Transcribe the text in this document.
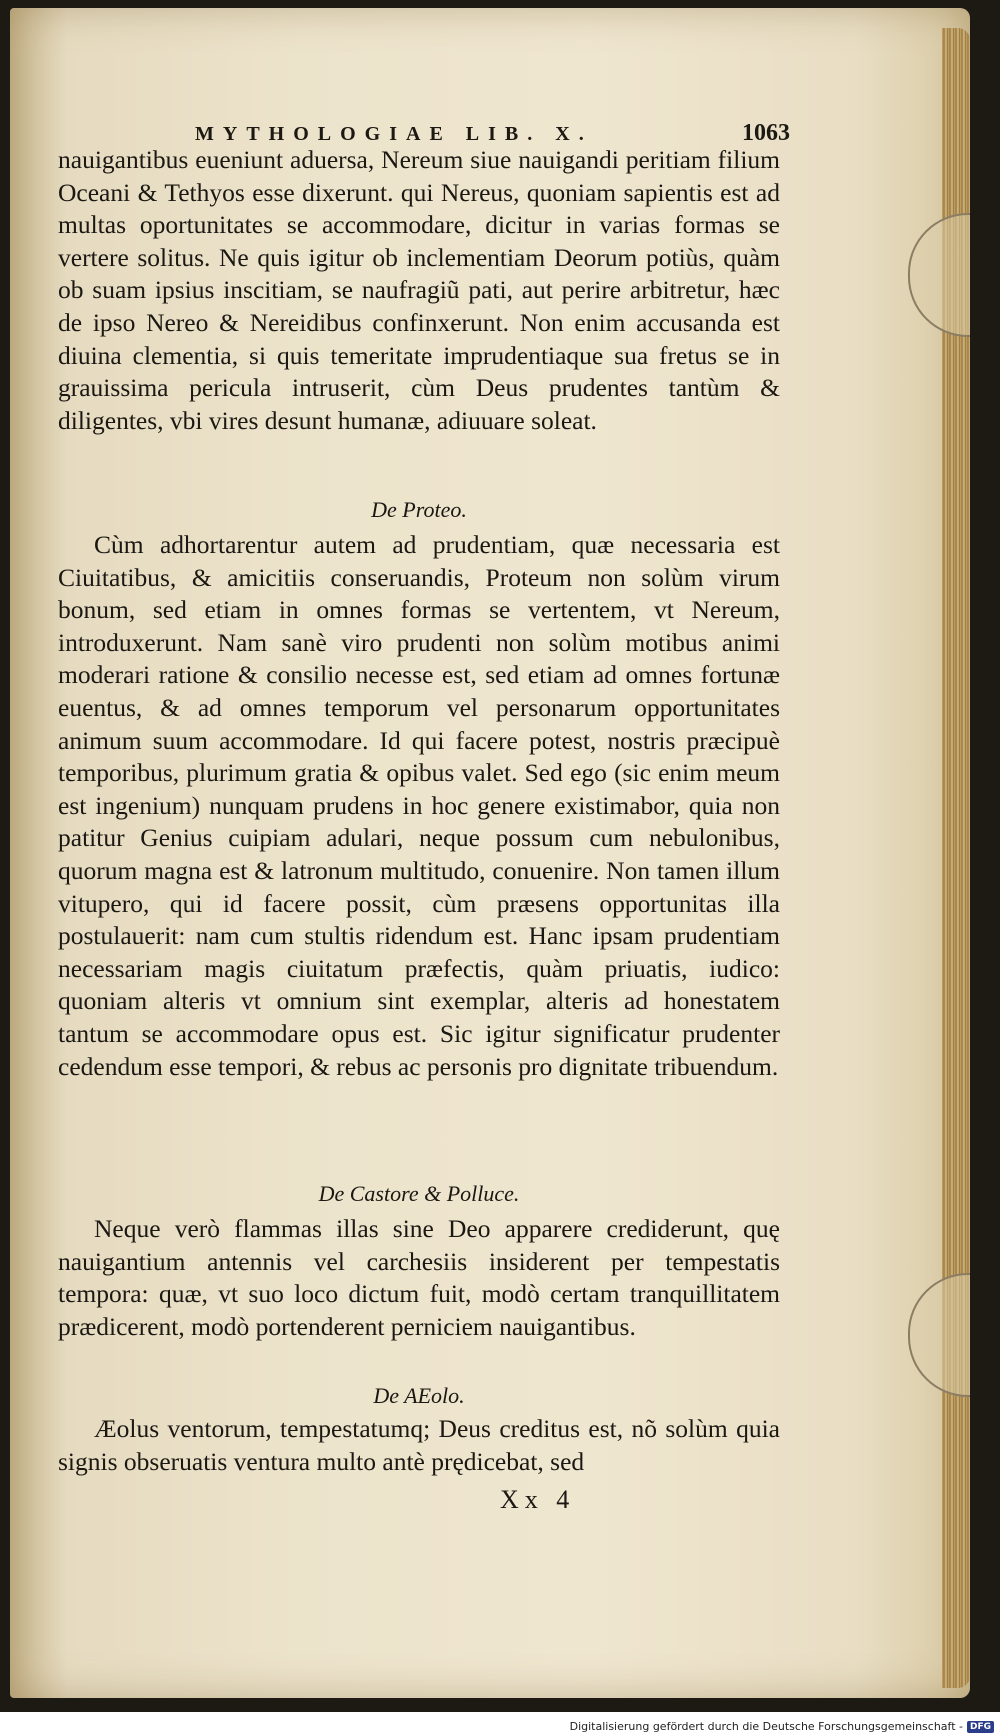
MYTHOLOGIAE LIB. X.	1063

nauigantibus eueniunt aduersa, Nereum siue nauigandi peritiam filium Oceani & Tethyos esse dixerunt. qui Nereus, quoniam sapientis est ad multas oportunitates se accommodare, dicitur in varias formas se vertere solitus. Ne quis igitur ob inclementiam Deorum potiùs, quàm ob suam ipsius inscitiam, se naufragiũ pati, aut perire arbitretur, hæc de ipso Nereo & Nereidibus confinxerunt. Non enim accusanda est diuina clementia, si quis temeritate imprudentiaque sua fretus se in grauissima pericula intruserit, cùm Deus prudentes tantùm & diligentes, vbi vires desunt humanæ, adiuuare soleat.

De Proteo.

Cùm adhortarentur autem ad prudentiam, quæ necessaria est Ciuitatibus, & amicitiis conseruandis, Proteum non solùm virum bonum, sed etiam in omnes formas se vertentem, vt Nereum, introduxerunt. Nam sanè viro prudenti non solùm motibus animi moderari ratione & consilio necesse est, sed etiam ad omnes fortunæ euentus, & ad omnes temporum vel personarum opportunitates animum suum accommodare. Id qui facere potest, nostris præcipuè temporibus, plurimum gratia & opibus valet. Sed ego (sic enim meum est ingenium) nunquam prudens in hoc genere existimabor, quia non patitur Genius cuipiam adulari, neque possum cum nebulonibus, quorum magna est & latronum multitudo, conuenire. Non tamen illum vitupero, qui id facere possit, cùm præsens opportunitas illa postulauerit: nam cum stultis ridendum est. Hanc ipsam prudentiam necessariam magis ciuitatum præfectis, quàm priuatis, iudico: quoniam alteris vt omnium sint exemplar, alteris ad honestatem tantum se accommodare opus est. Sic igitur significatur prudenter cedendum esse tempori, & rebus ac personis pro dignitate tribuendum.

De Castore & Polluce.

Neque verò flammas illas sine Deo apparere crediderunt, quę nauigantium antennis vel carchesiis insiderent per tempestatis tempora: quæ, vt suo loco dictum fuit, modò certam tranquillitatem prædicerent, modò portenderent perniciem nauigantibus.

De AEolo.

Æolus ventorum, tempestatumq; Deus creditus est, nõ solùm quia signis obseruatis ventura multo antè prędicebat, sed

Xx 4
Digitalisierung gefördert durch die Deutsche Forschungsgemeinschaft - DFG
